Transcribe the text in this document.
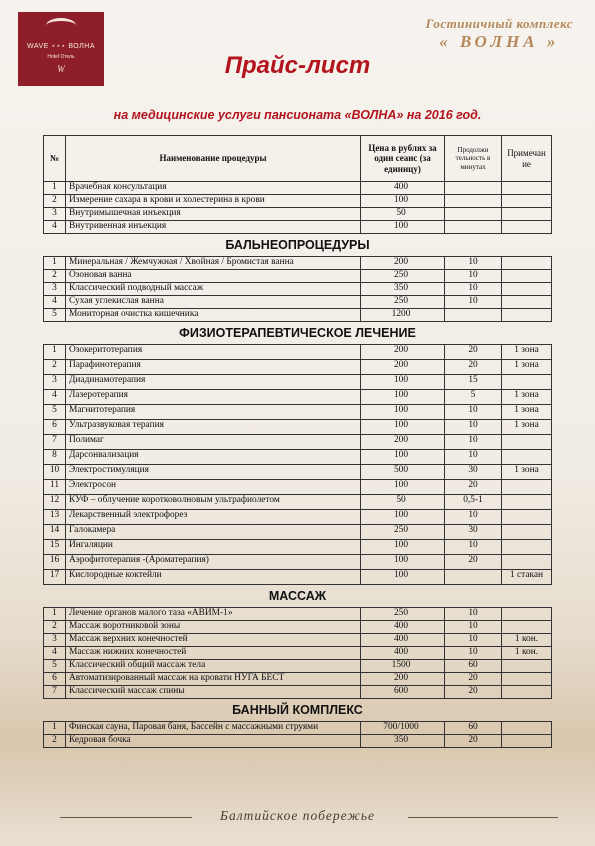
WAVE ⋆⋆⋆ ВОЛНА
Hotel Отель
W
Гостиничный комплекс
« ВОЛНА »
Прайс-лист
на медицинские услуги пансионата «ВОЛНА» на 2016 год.
№	Наименование процедуры	Цена в рублях за один сеанс (за единицу)	Продолжи тельность в минутах	Примечан ие
1	Врачебная консультация	400		
2	Измерение сахара в крови и холестерина в крови	100		
3	Внутримышечная инъекция	50		
4	Внутривенная инъекция	100		
БАЛЬНЕОПРОЦЕДУРЫ				
1	Минеральная / Жемчужная / Хвойная / Бромистая ванна	200	10	
2	Озоновая ванна	250	10	
3	Классический подводный массаж	350	10	
4	Сухая углекислая ванна	250	10	
5	Мониторная очистка кишечника	1200		
ФИЗИОТЕРАПЕВТИЧЕСКОЕ ЛЕЧЕНИЕ				
1	Озокеритотерапия	200	20	1 зона
2	Парафинотерапия	200	20	1 зона
3	Диадинамотерапия	100	15	
4	Лазеротерапия	100	5	1 зона
5	Магнитотерапия	100	10	1 зона
6	Ультразвуковая терапия	100	10	1 зона
7	Полимаг	200	10	
8	Дарсонвализация	100	10	
10	Электростимуляция	500	30	1 зона
11	Электросон	100	20	
12	КУФ – облучение коротковолновым ультрафиолетом	50	0,5-1	
13	Лекарственный электрофорез	100	10	
14	Галокамера	250	30	
15	Ингаляции	100	10	
16	Аэрофитотерапия -(Ароматерапия)	100	20	
17	Кислородные коктейли	100		1 стакан
МАССАЖ				
1	Лечение органов малого таза «АВИМ-1»	250	10	
2	Массаж воротниковой зоны	400	10	
3	Массаж верхних конечностей	400	10	1 кон.
4	Массаж нижних конечностей	400	10	1 кон.
5	Классический общий массаж тела	1500	60	
6	Автоматизированный массаж на кровати НУГА БЕСТ	200	20	
7	Классический массаж спины	600	20	
БАННЫЙ КОМПЛЕКС				
1	Финская сауна, Паровая баня, Бассейн с массажными струями	700/1000	60	
2	Кедровая бочка	350	20	
Балтийское побережье
